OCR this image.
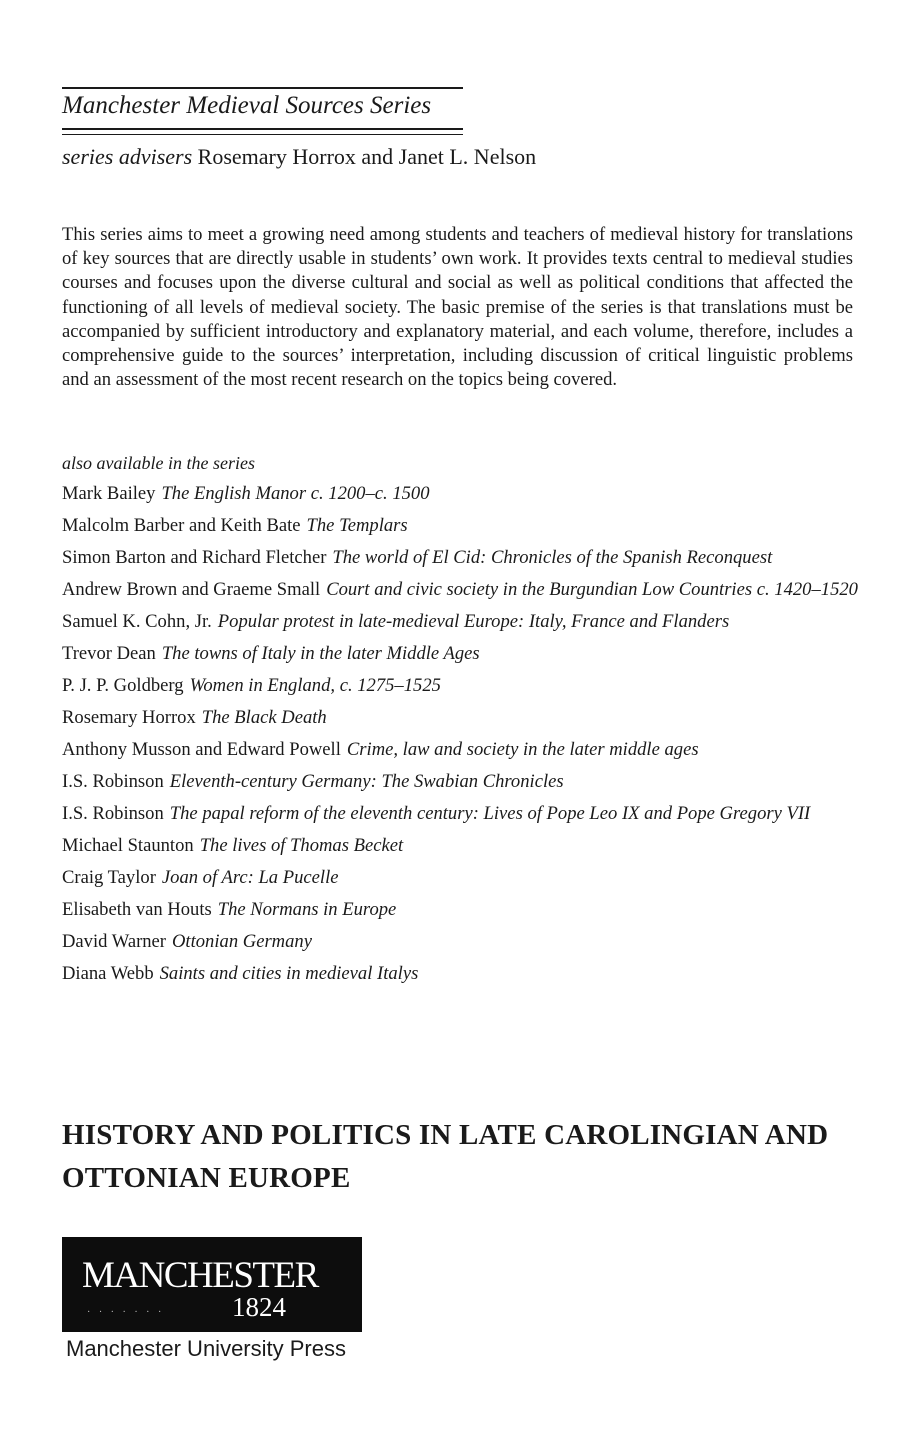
Manchester Medieval Sources Series
series advisers Rosemary Horrox and Janet L. Nelson

This series aims to meet a growing need among students and teachers of medieval history for translations of key sources that are directly usable in students’ own work. It provides texts central to medieval studies courses and focuses upon the diverse cultural and social as well as political conditions that affected the functioning of all levels of medieval society. The basic premise of the series is that translations must be accompanied by sufficient introductory and explanatory material, and each volume, therefore, includes a comprehensive guide to the sources’ interpretation, including discussion of critical linguistic problems and an assessment of the most recent research on the topics being covered.

also available in the series
Mark Bailey The English Manor c. 1200–c. 1500
Malcolm Barber and Keith Bate The Templars
Simon Barton and Richard Fletcher The world of El Cid: Chronicles of the Spanish Reconquest
Andrew Brown and Graeme Small Court and civic society in the Burgundian Low Countries c. 1420–1520
Samuel K. Cohn, Jr. Popular protest in late-medieval Europe: Italy, France and Flanders
Trevor Dean The towns of Italy in the later Middle Ages
P. J. P. Goldberg Women in England, c. 1275–1525
Rosemary Horrox The Black Death
Anthony Musson and Edward Powell Crime, law and society in the later middle ages
I.S. Robinson Eleventh-century Germany: The Swabian Chronicles
I.S. Robinson The papal reform of the eleventh century: Lives of Pope Leo IX and Pope Gregory VII
Michael Staunton The lives of Thomas Becket
Craig Taylor Joan of Arc: La Pucelle
Elisabeth van Houts The Normans in Europe
David Warner Ottonian Germany
Diana Webb Saints and cities in medieval Italys
HISTORY AND POLITICS IN LATE CAROLINGIAN AND OTTONIAN EUROPE
MANCHESTER
· · · · · · ·	1824
Manchester University Press
